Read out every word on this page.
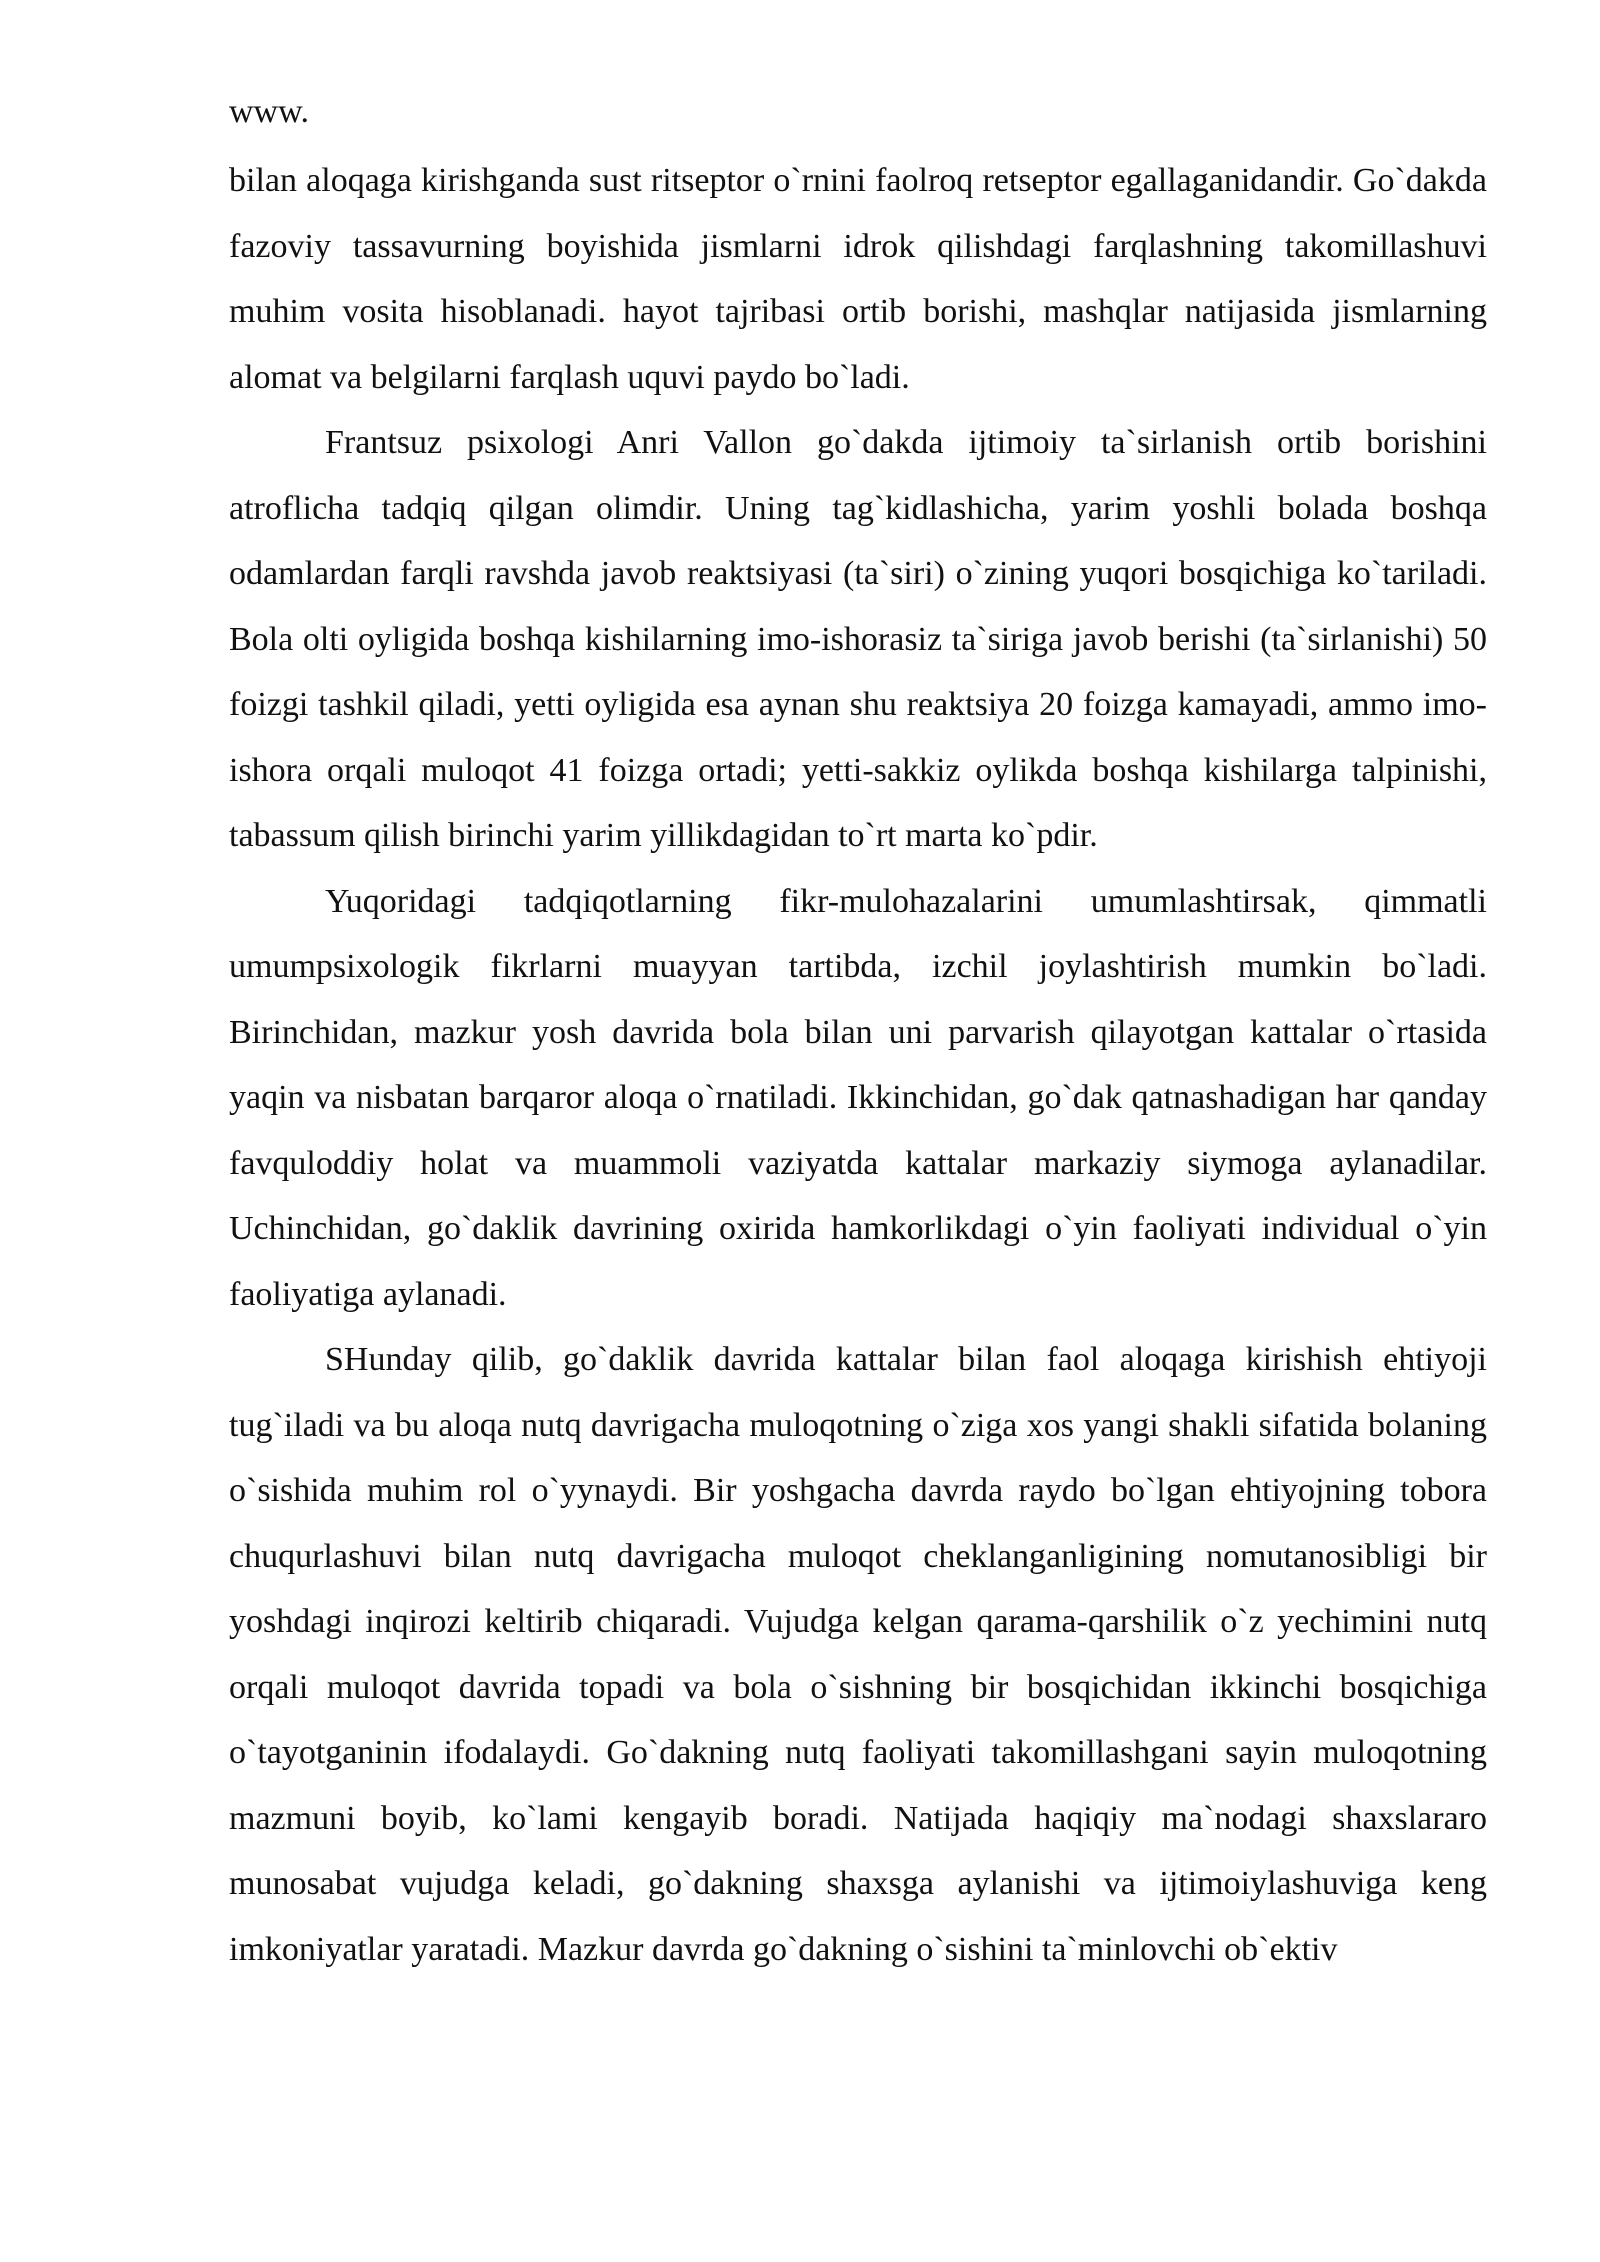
www.

bilan aloqaga kirishganda sust ritseptor o`rnini faolroq retseptor egallaganidandir. Go`dakda fazoviy tassavurning boyishida jismlarni idrok qilishdagi farqlashning takomillashuvi muhim vosita hisoblanadi. hayot tajribasi ortib borishi, mashqlar natijasida jismlarning alomat va belgilarni farqlash uquvi paydo bo`ladi.

Frantsuz psixologi Anri Vallon go`dakda ijtimoiy ta`sirlanish ortib borishini atroflicha tadqiq qilgan olimdir. Uning tag`kidlashicha, yarim yoshli bolada boshqa odamlardan farqli ravshda javob reaktsiyasi (ta`siri) o`zining yuqori bosqichiga ko`tariladi. Bola olti oyligida boshqa kishilarning imo-ishorasiz ta`siriga javob berishi (ta`sirlanishi) 50 foizgi tashkil qiladi, yetti oyligida esa aynan shu reaktsiya 20 foizga kamayadi, ammo imo-ishora orqali muloqot 41 foizga ortadi; yetti-sakkiz oylikda boshqa kishilarga talpinishi, tabassum qilish birinchi yarim yillikdagidan to`rt marta ko`pdir.

Yuqoridagi tadqiqotlarning fikr-mulohazalarini umumlashtirsak, qimmatli umumpsixologik fikrlarni muayyan tartibda, izchil joylashtirish mumkin bo`ladi. Birinchidan, mazkur yosh davrida bola bilan uni parvarish qilayotgan kattalar o`rtasida yaqin va nisbatan barqaror aloqa o`rnatiladi. Ikkinchidan, go`dak qatnashadigan har qanday favquloddiy holat va muammoli vaziyatda kattalar markaziy siymoga aylanadilar. Uchinchidan, go`daklik davrining oxirida hamkorlikdagi o`yin faoliyati individual o`yin faoliyatiga aylanadi.

SHunday qilib, go`daklik davrida kattalar bilan faol aloqaga kirishish ehtiyoji tug`iladi va bu aloqa nutq davrigacha muloqotning o`ziga xos yangi shakli sifatida bolaning o`sishida muhim rol o`yynaydi. Bir yoshgacha davrda raydo bo`lgan ehtiyojning tobora chuqurlashuvi bilan nutq davrigacha muloqot cheklanganligining nomutanosibligi bir yoshdagi inqirozi keltirib chiqaradi. Vujudga kelgan qarama-qarshilik o`z yechimini nutq orqali muloqot davrida topadi va bola o`sishning bir bosqichidan ikkinchi bosqichiga o`tayotganinin ifodalaydi. Go`dakning nutq faoliyati takomillashgani sayin muloqotning mazmuni boyib, ko`lami kengayib boradi. Natijada haqiqiy ma`nodagi shaxslararo munosabat vujudga keladi, go`dakning shaxsga aylanishi va ijtimoiylashuviga keng imkoniyatlar yaratadi. Mazkur davrda go`dakning o`sishini ta`minlovchi ob`ektiv
